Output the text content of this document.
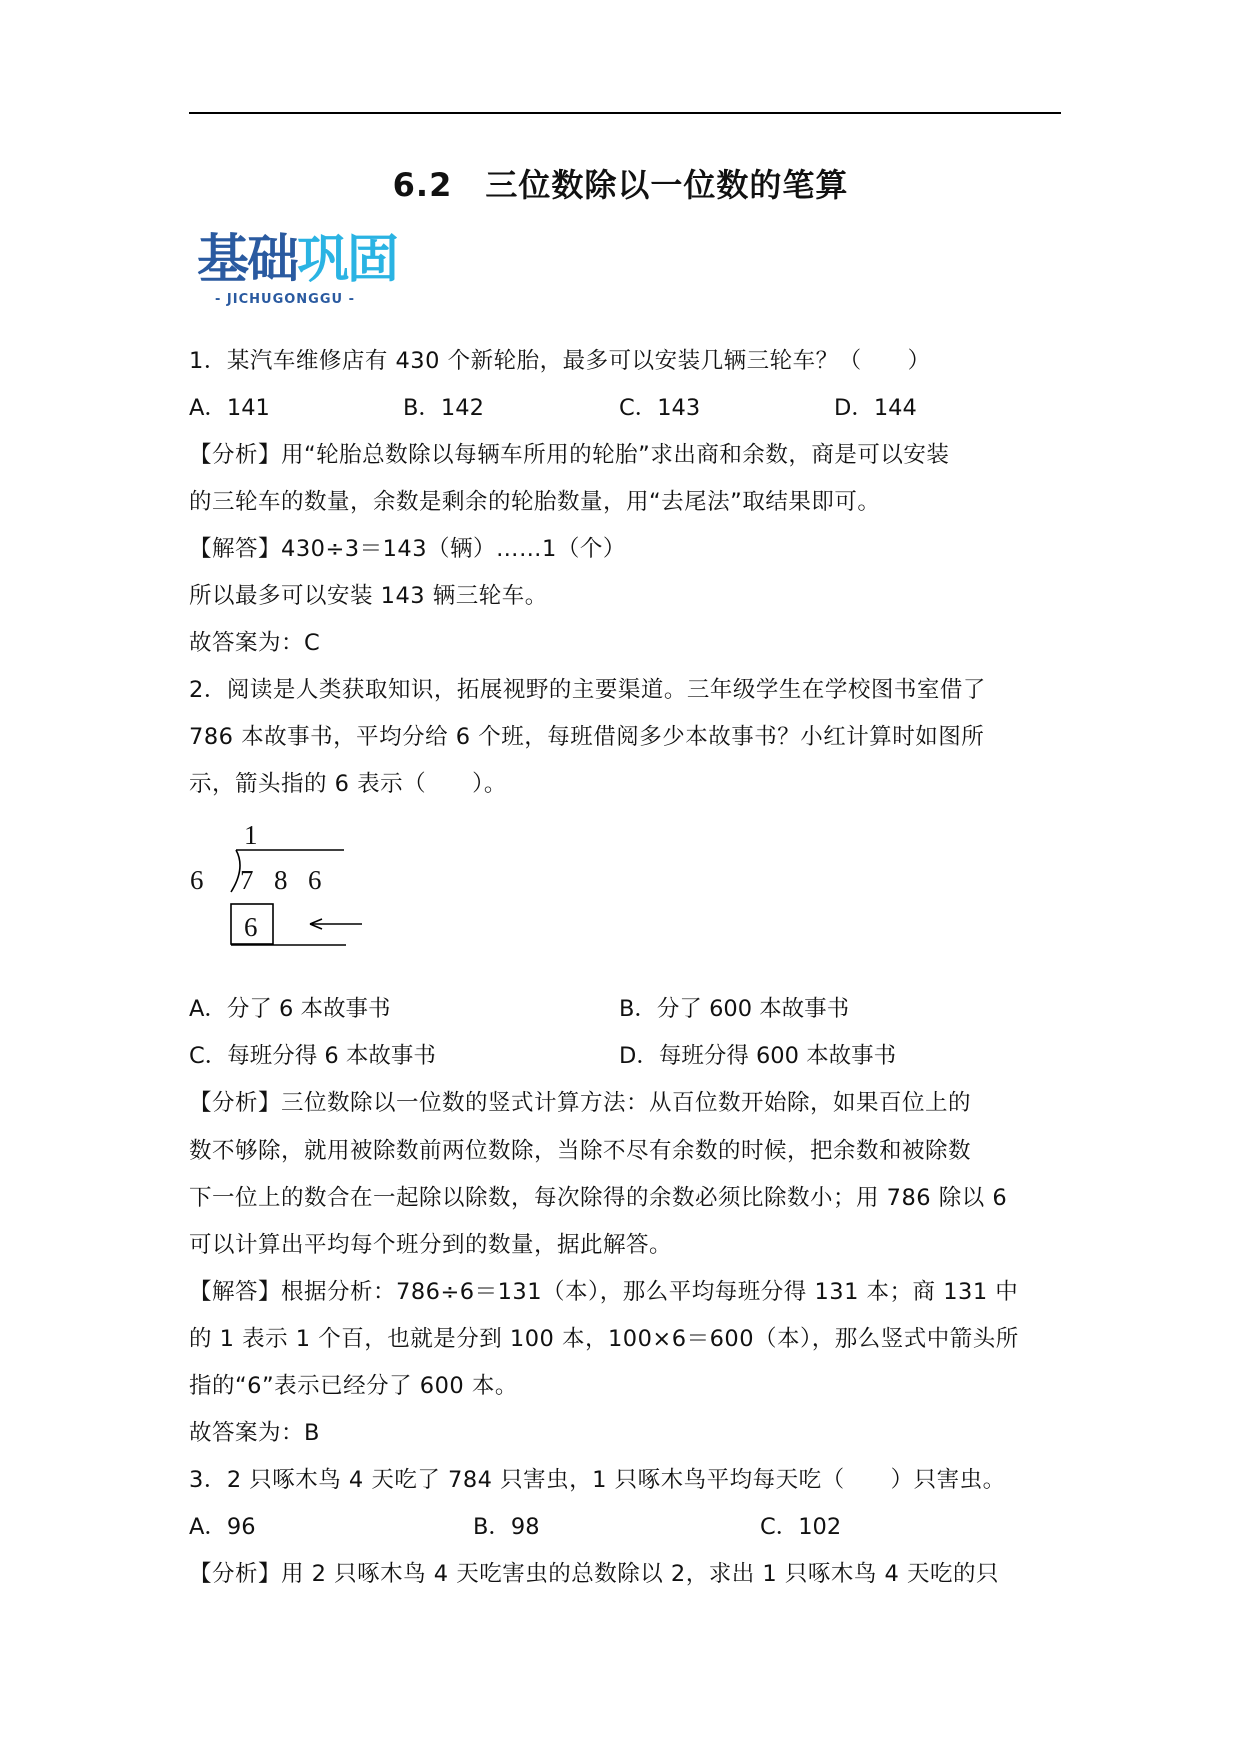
6.2　三位数除以一位数的笔算
基础巩固
- JICHUGONGGU -
1．某汽车维修店有 430 个新轮胎，最多可以安装几辆三轮车？（　　）
A．141	B．142	C．143	D．144
【分析】用“轮胎总数除以每辆车所用的轮胎”求出商和余数，商是可以安装
的三轮车的数量，余数是剩余的轮胎数量，用“去尾法”取结果即可。
【解答】430÷3＝143（辆）……1（个）
所以最多可以安装 143 辆三轮车。
故答案为：C
2．阅读是人类获取知识，拓展视野的主要渠道。三年级学生在学校图书室借了
786 本故事书，平均分给 6 个班，每班借阅多少本故事书？小红计算时如图所
示，箭头指的 6 表示（　　）。
1
6 7 8 6
6
A．分了 6 本故事书	B．分了 600 本故事书
C．每班分得 6 本故事书	D．每班分得 600 本故事书
【分析】三位数除以一位数的竖式计算方法：从百位数开始除，如果百位上的
数不够除，就用被除数前两位数除，当除不尽有余数的时候，把余数和被除数
下一位上的数合在一起除以除数，每次除得的余数必须比除数小；用 786 除以 6
可以计算出平均每个班分到的数量，据此解答。
【解答】根据分析：786÷6＝131（本），那么平均每班分得 131 本；商 131 中
的 1 表示 1 个百，也就是分到 100 本，100×6＝600（本），那么竖式中箭头所
指的“6”表示已经分了 600 本。
故答案为：B
3．2 只啄木鸟 4 天吃了 784 只害虫，1 只啄木鸟平均每天吃（　　）只害虫。
A．96	B．98	C．102
【分析】用 2 只啄木鸟 4 天吃害虫的总数除以 2，求出 1 只啄木鸟 4 天吃的只
